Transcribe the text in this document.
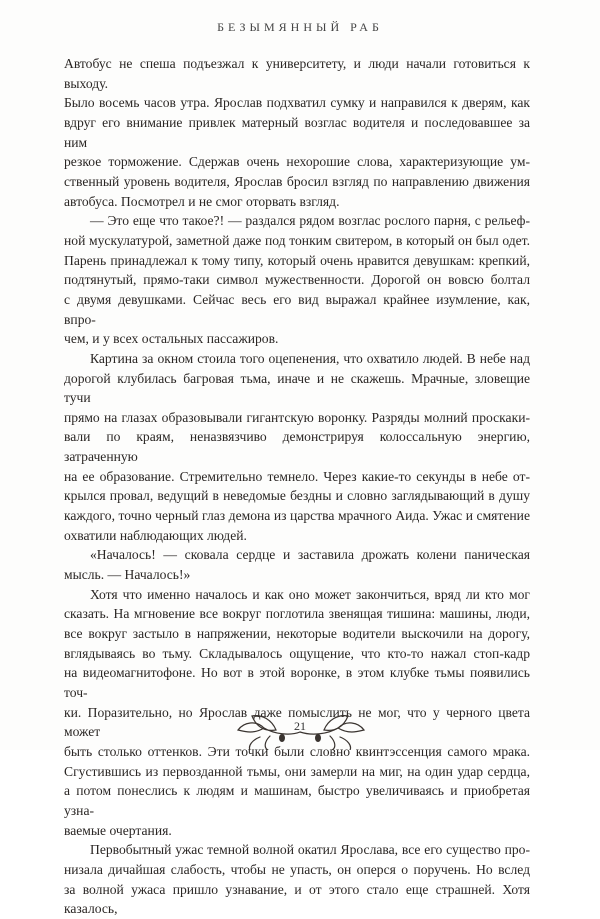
БЕЗЫМЯННЫЙ РАБ

Автобус не спеша подъезжал к университету, и люди начали готовиться к выходу.

Было восемь часов утра. Ярослав подхватил сумку и направился к дверям, как

вдруг его внимание привлек матерный возглас водителя и последовавшее за ним

резкое торможение. Сдержав очень нехорошие слова, характеризующие ум-

ственный уровень водителя, Ярослав бросил взгляд по направлению движения

автобуса. Посмотрел и не смог оторвать взгляд.

— Это еще что такое?! — раздался рядом возглас рослого парня, с рельеф-

ной мускулатурой, заметной даже под тонким свитером, в который он был одет.

Парень принадлежал к тому типу, который очень нравится девушкам: крепкий,

подтянутый, прямо-таки символ мужественности. Дорогой он вовсю болтал

с двумя девушками. Сейчас весь его вид выражал крайнее изумление, как, впро-

чем, и у всех остальных пассажиров.

Картина за окном стоила того оцепенения, что охватило людей. В небе над

дорогой клубилась багровая тьма, иначе и не скажешь. Мрачные, зловещие тучи

прямо на глазах образовывали гигантскую воронку. Разряды молний проскаки-

вали по краям, неназвязчиво демонстрируя колоссальную энергию, затраченную

на ее образование. Стремительно темнело. Через какие-то секунды в небе от-

крылся провал, ведущий в неведомые бездны и словно заглядывающий в душу

каждого, точно черный глаз демона из царства мрачного Аида. Ужас и смятение

охватили наблюдающих людей.

«Началось! — сковала сердце и заставила дрожать колени паническая

мысль. — Началось!»

Хотя что именно началось и как оно может закончиться, вряд ли кто мог

сказать. На мгновение все вокруг поглотила звенящая тишина: машины, люди,

все вокруг застыло в напряжении, некоторые водители выскочили на дорогу,

вглядываясь во тьму. Складывалось ощущение, что кто-то нажал стоп-кадр

на видеомагнитофоне. Но вот в этой воронке, в этом клубке тьмы появились точ-

ки. Поразительно, но Ярослав даже помыслить не мог, что у черного цвета может

быть столько оттенков. Эти точки были словно квинтэссенция самого мрака.

Сгустившись из первозданной тьмы, они замерли на миг, на один удар сердца,

а потом понеслись к людям и машинам, быстро увеличиваясь и приобретая узна-

ваемые очертания.

Первобытный ужас темной волной окатил Ярослава, все его существо про-

низала дичайшая слабость, чтобы не упасть, он оперся о поручень. Но вслед

за волной ужаса пришло узнавание, и от этого стало еще страшней. Хотя казалось,

21
